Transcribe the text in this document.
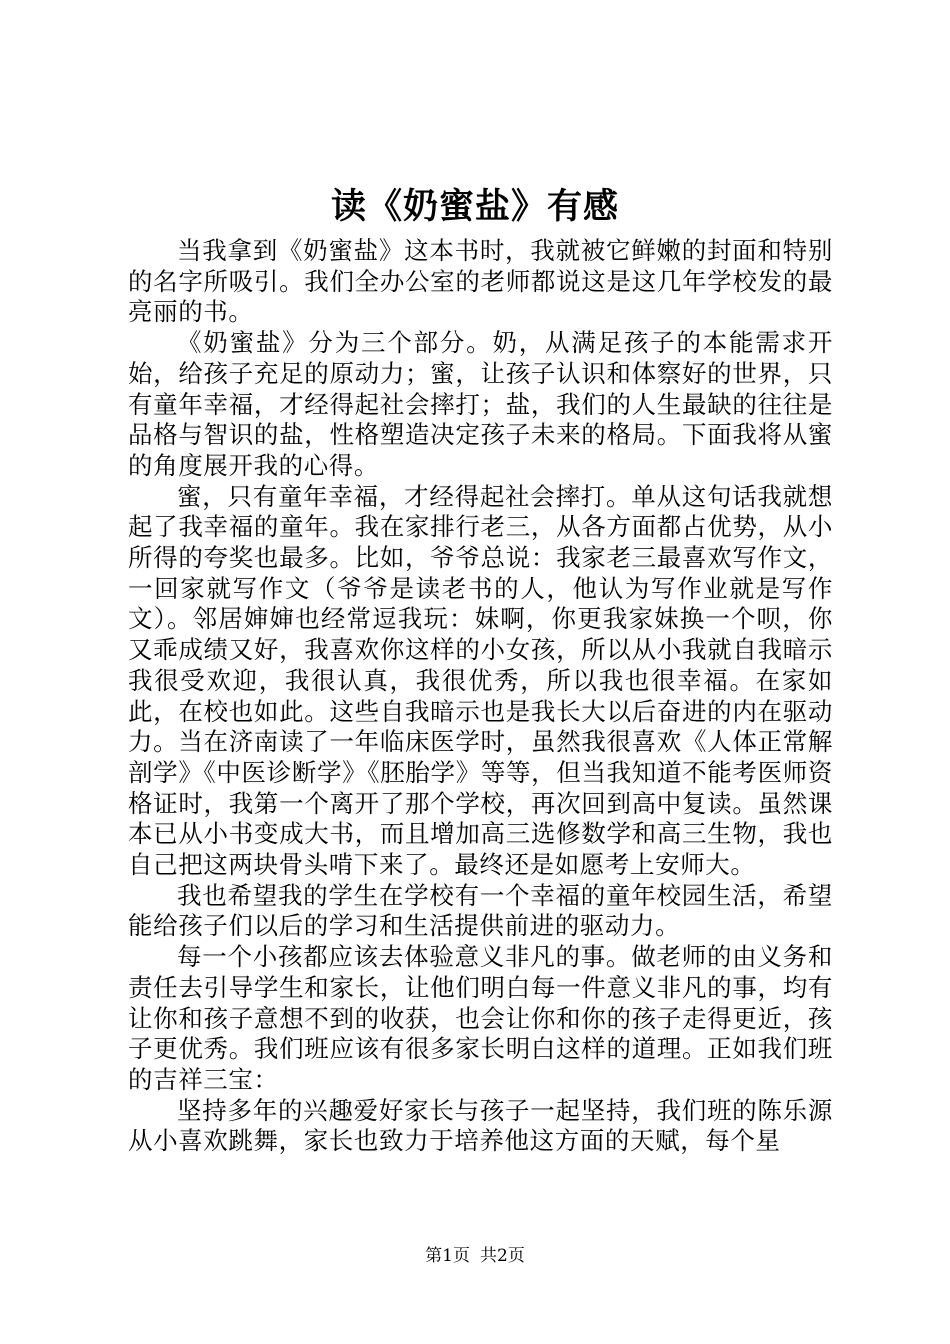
读《奶蜜盐》有感

当我拿到《奶蜜盐》这本书时，我就被它鲜嫩的封面和特别的名字所吸引。我们全办公室的老师都说这是这几年学校发的最亮丽的书。

《奶蜜盐》分为三个部分。奶，从满足孩子的本能需求开始，给孩子充足的原动力；蜜，让孩子认识和体察好的世界，只有童年幸福，才经得起社会摔打；盐，我们的人生最缺的往往是品格与智识的盐，性格塑造决定孩子未来的格局。下面我将从蜜的角度展开我的心得。

蜜，只有童年幸福，才经得起社会摔打。单从这句话我就想起了我幸福的童年。我在家排行老三，从各方面都占优势，从小所得的夸奖也最多。比如，爷爷总说：我家老三最喜欢写作文，一回家就写作文（爷爷是读老书的人，他认为写作业就是写作文）。邻居婶婶也经常逗我玩：妹啊，你更我家妹换一个呗，你又乖成绩又好，我喜欢你这样的小女孩，所以从小我就自我暗示我很受欢迎，我很认真，我很优秀，所以我也很幸福。在家如此，在校也如此。这些自我暗示也是我长大以后奋进的内在驱动力。当在济南读了一年临床医学时，虽然我很喜欢《人体正常解剖学》《中医诊断学》《胚胎学》等等，但当我知道不能考医师资格证时，我第一个离开了那个学校，再次回到高中复读。虽然课本已从小书变成大书，而且增加高三选修数学和高三生物，我也自己把这两块骨头啃下来了。最终还是如愿考上安师大。

我也希望我的学生在学校有一个幸福的童年校园生活，希望能给孩子们以后的学习和生活提供前进的驱动力。

每一个小孩都应该去体验意义非凡的事。做老师的由义务和责任去引导学生和家长，让他们明白每一件意义非凡的事，均有让你和孩子意想不到的收获，也会让你和你的孩子走得更近，孩子更优秀。我们班应该有很多家长明白这样的道理。正如我们班的吉祥三宝：

坚持多年的兴趣爱好家长与孩子一起坚持，我们班的陈乐源从小喜欢跳舞，家长也致力于培养他这方面的天赋，每个星

第1页 共2页
